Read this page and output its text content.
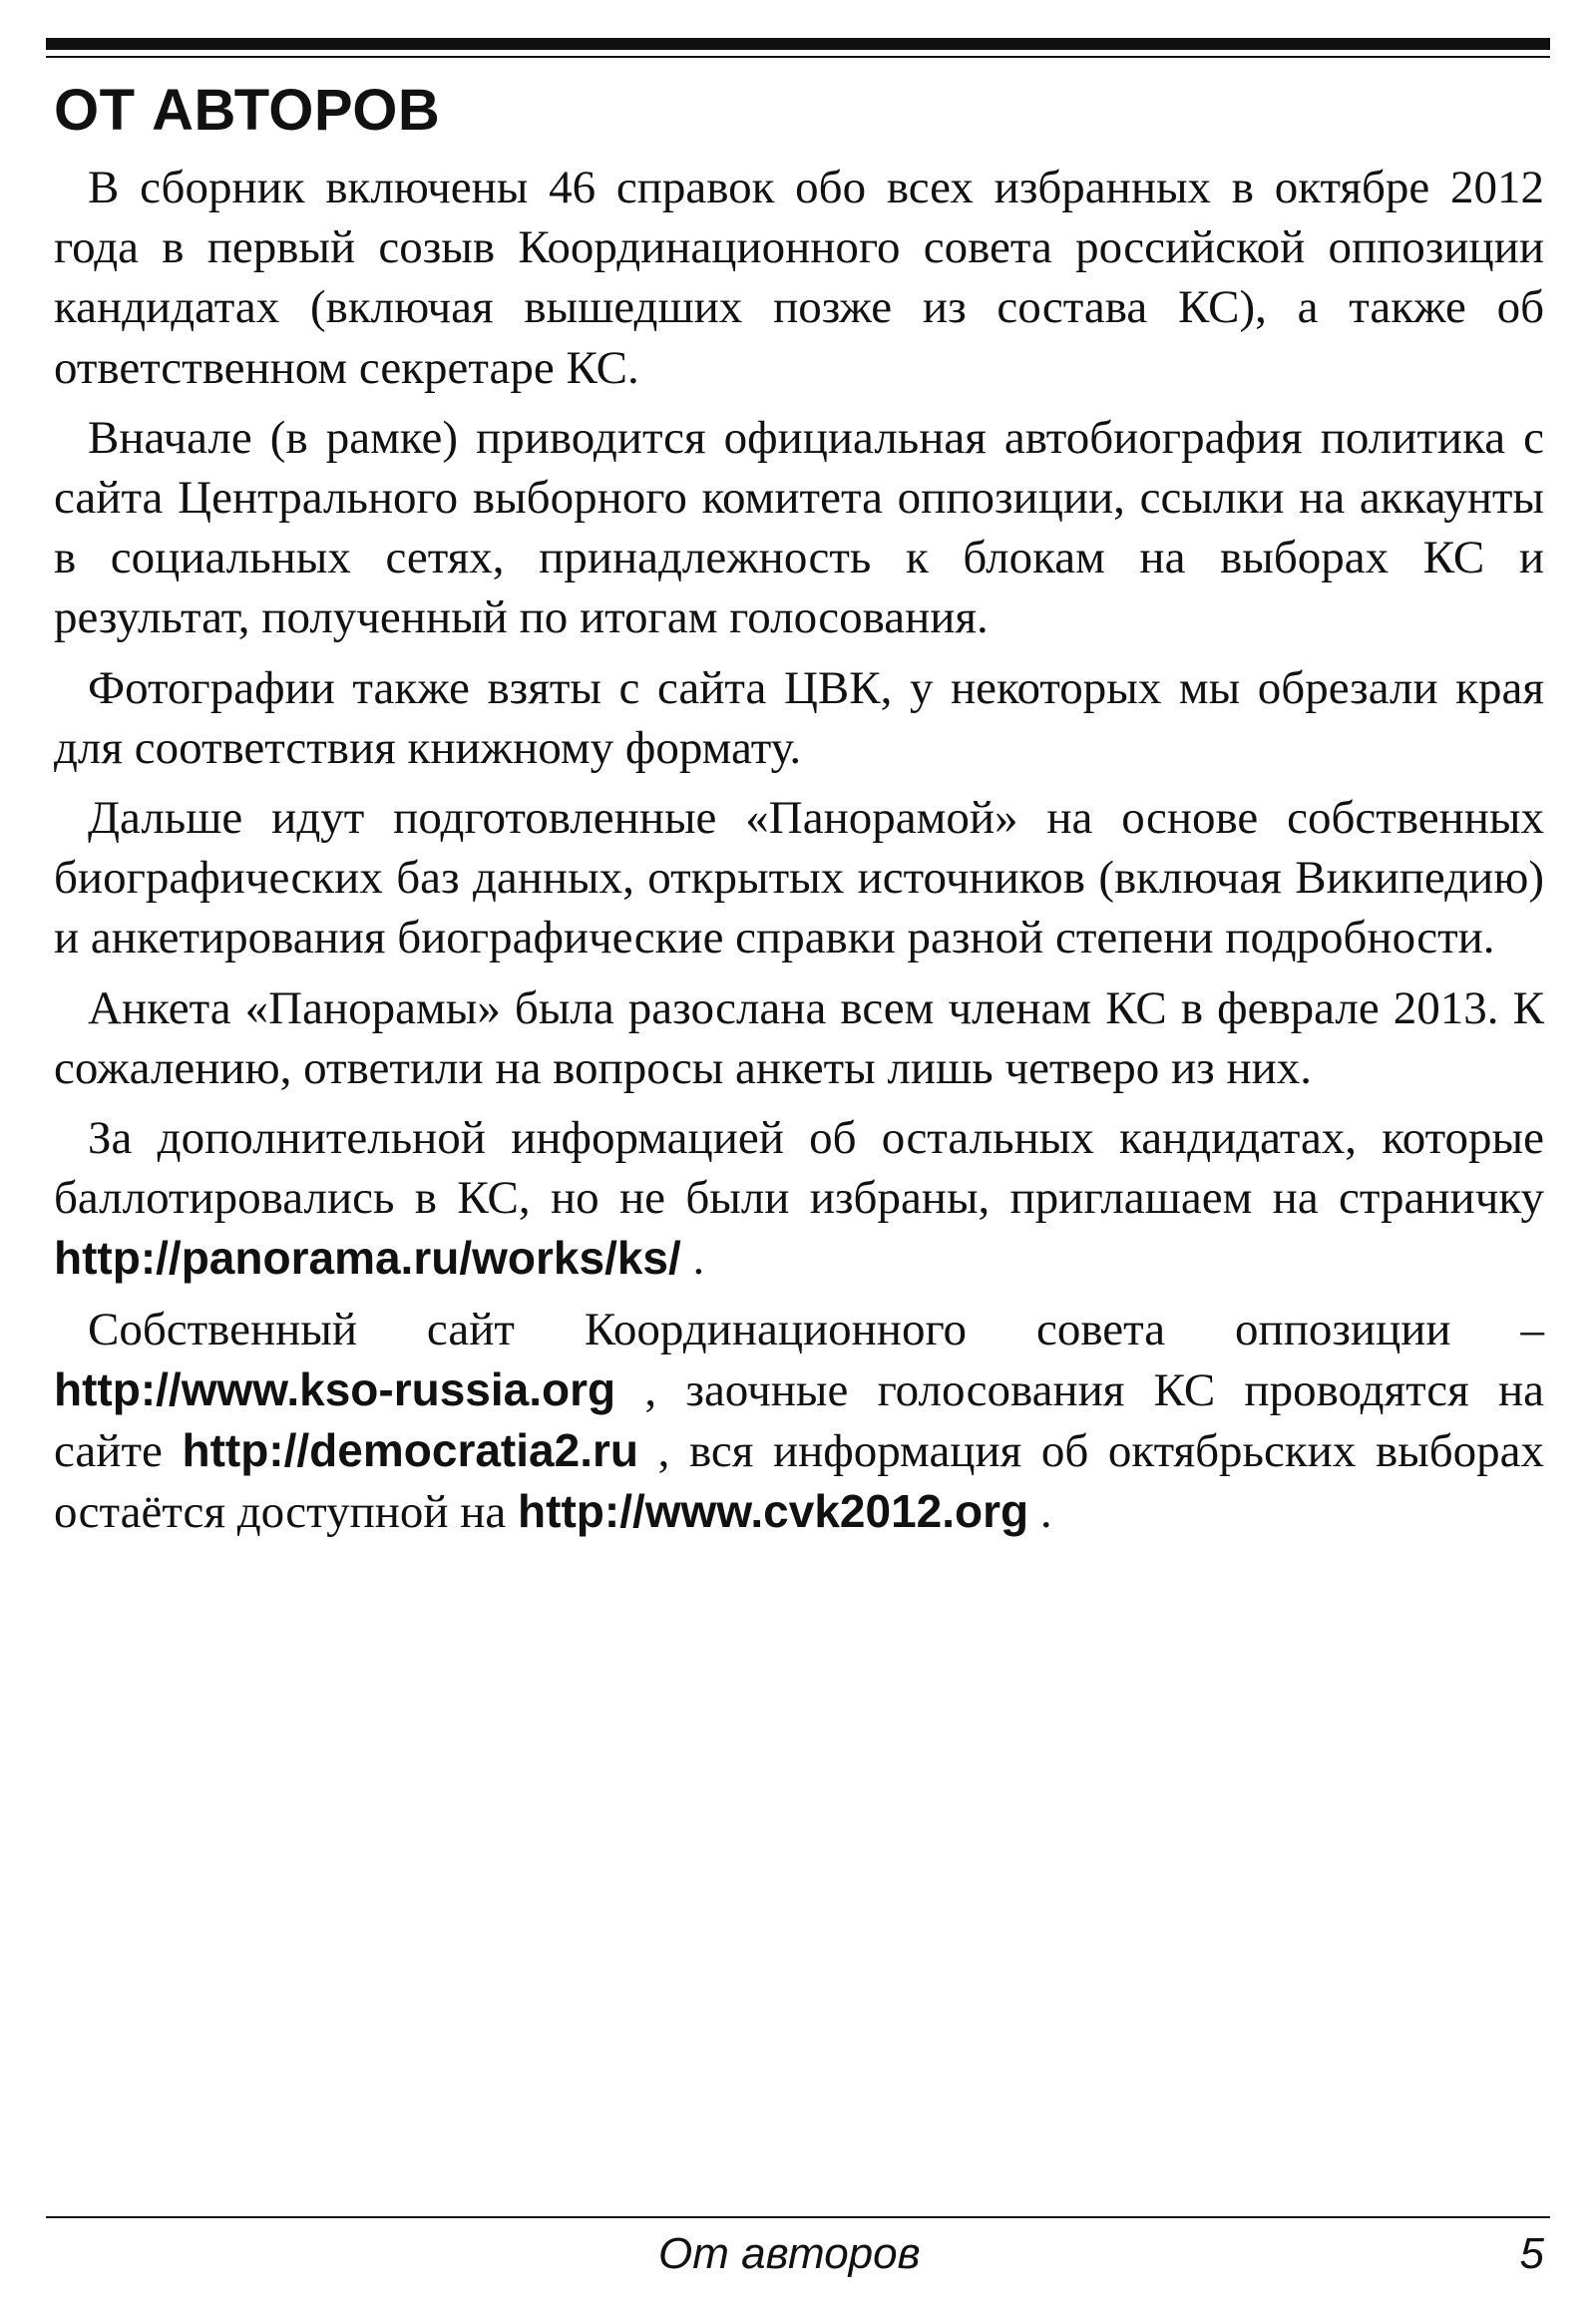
ОТ АВТОРОВ

В сборник включены 46 справок обо всех избранных в октябре 2012 года в первый созыв Координационного совета российской оппозиции кандидатах (включая вышедших позже из состава КС), а также об ответственном секретаре КС.

Вначале (в рамке) приводится официальная автобиография политика с сайта Центрального выборного комитета оппозиции, ссылки на аккаунты в социальных сетях, принадлежность к блокам на выборах КС и результат, полученный по итогам голосования.

Фотографии также взяты с сайта ЦВК, у некоторых мы обрезали края для соответствия книжному формату.

Дальше идут подготовленные «Панорамой» на основе собственных биографических баз данных, открытых источников (включая Википедию) и анкетирования биографические справки разной степени подробности.

Анкета «Панорамы» была разослана всем членам КС в феврале 2013. К сожалению, ответили на вопросы анкеты лишь четверо из них.

За дополнительной информацией об остальных кандидатах, которые баллотировались в КС, но не были избраны, приглашаем на страничку http://panorama.ru/works/ks/ .

Собственный сайт Координационного совета оппозиции – http://www.kso-russia.org , заочные голосования КС проводятся на сайте http://democratia2.ru , вся информация об октябрьских выборах остаётся доступной на http://www.cvk2012.org .

От авторов	5
